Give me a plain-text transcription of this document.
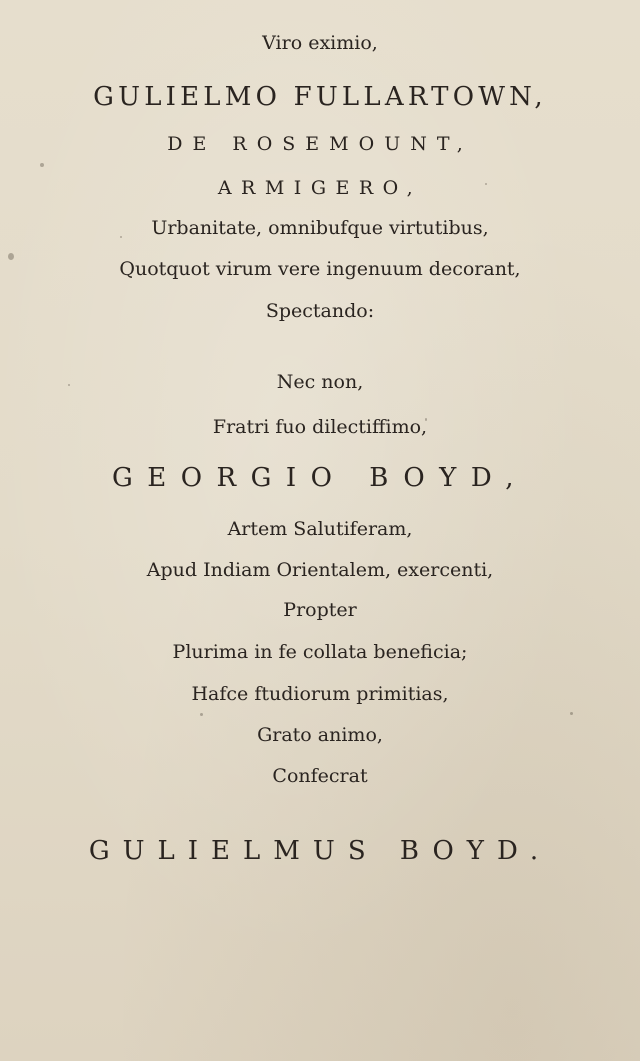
Viro eximio,
GULIELMO FULLARTOWN,
DE ROSEMOUNT,
ARMIGERO,
Urbanitate, omnibufque virtutibus,
Quotquot virum vere ingenuum decorant,
Spectando:
Nec non,
Fratri fuo dilectiffimo,
GEORGIO BOYD,
Artem Salutiferam,
Apud Indiam Orientalem, exercenti,
Propter
Plurima in fe collata beneficia;
Hafce ftudiorum primitias,
Grato animo,
Confecrat
GULIELMUS BOYD.
